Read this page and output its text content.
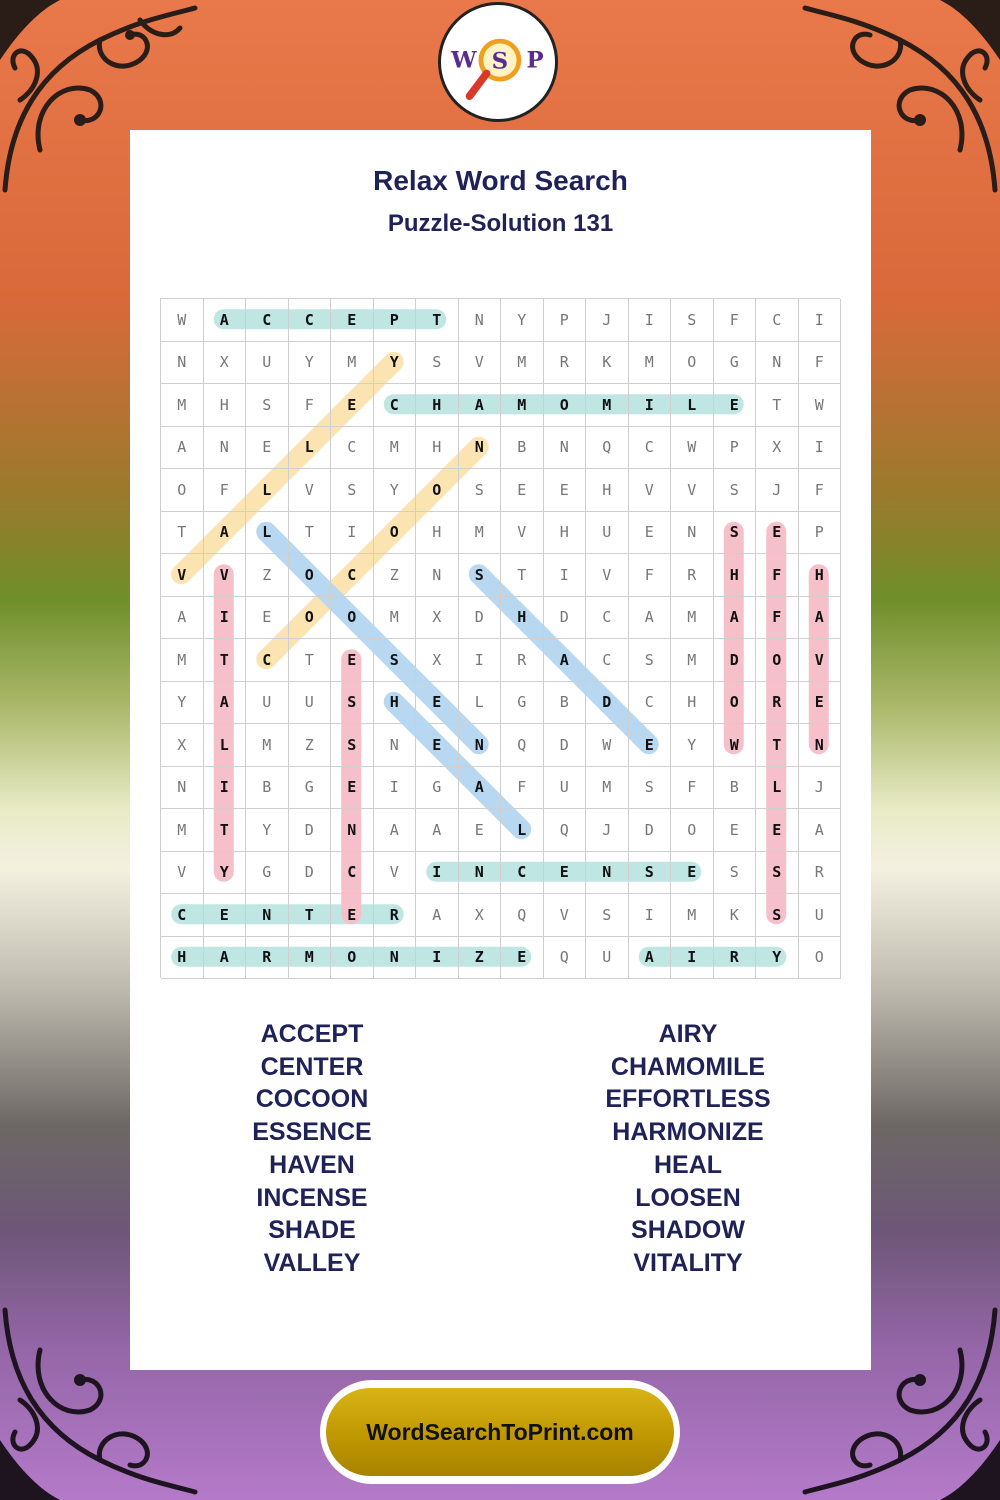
W S P
Relax Word Search
Puzzle-Solution 131
W	A	C	C	E	P	T	N	Y	P	J	I	S	F	C	I
N	X	U	Y	M	Y	S	V	M	R	K	M	O	G	N	F
M	H	S	F	E	C	H	A	M	O	M	I	L	E	T	W
A	N	E	L	C	M	H	N	B	N	Q	C	W	P	X	I
O	F	L	V	S	Y	O	S	E	E	H	V	V	S	J	F
T	A	L	T	I	O	H	M	V	H	U	E	N	S	E	P
V	V	Z	O	C	Z	N	S	T	I	V	F	R	H	F	H
A	I	E	O	O	M	X	D	H	D	C	A	M	A	F	A
M	T	C	T	E	S	X	I	R	A	C	S	M	D	O	V
Y	A	U	U	S	H	E	L	G	B	D	C	H	O	R	E
X	L	M	Z	S	N	E	N	Q	D	W	E	Y	W	T	N
N	I	B	G	E	I	G	A	F	U	M	S	F	B	L	J
M	T	Y	D	N	A	A	E	L	Q	J	D	O	E	E	A
V	Y	G	D	C	V	I	N	C	E	N	S	E	S	S	R
C	E	N	T	E	R	A	X	Q	V	S	I	M	K	S	U
H	A	R	M	O	N	I	Z	E	Q	U	A	I	R	Y	O
ACCEPT
CENTER
COCOON
ESSENCE
HAVEN
INCENSE
SHADE
VALLEY
AIRY
CHAMOMILE
EFFORTLESS
HARMONIZE
HEAL
LOOSEN
SHADOW
VITALITY
WordSearchToPrint.com
